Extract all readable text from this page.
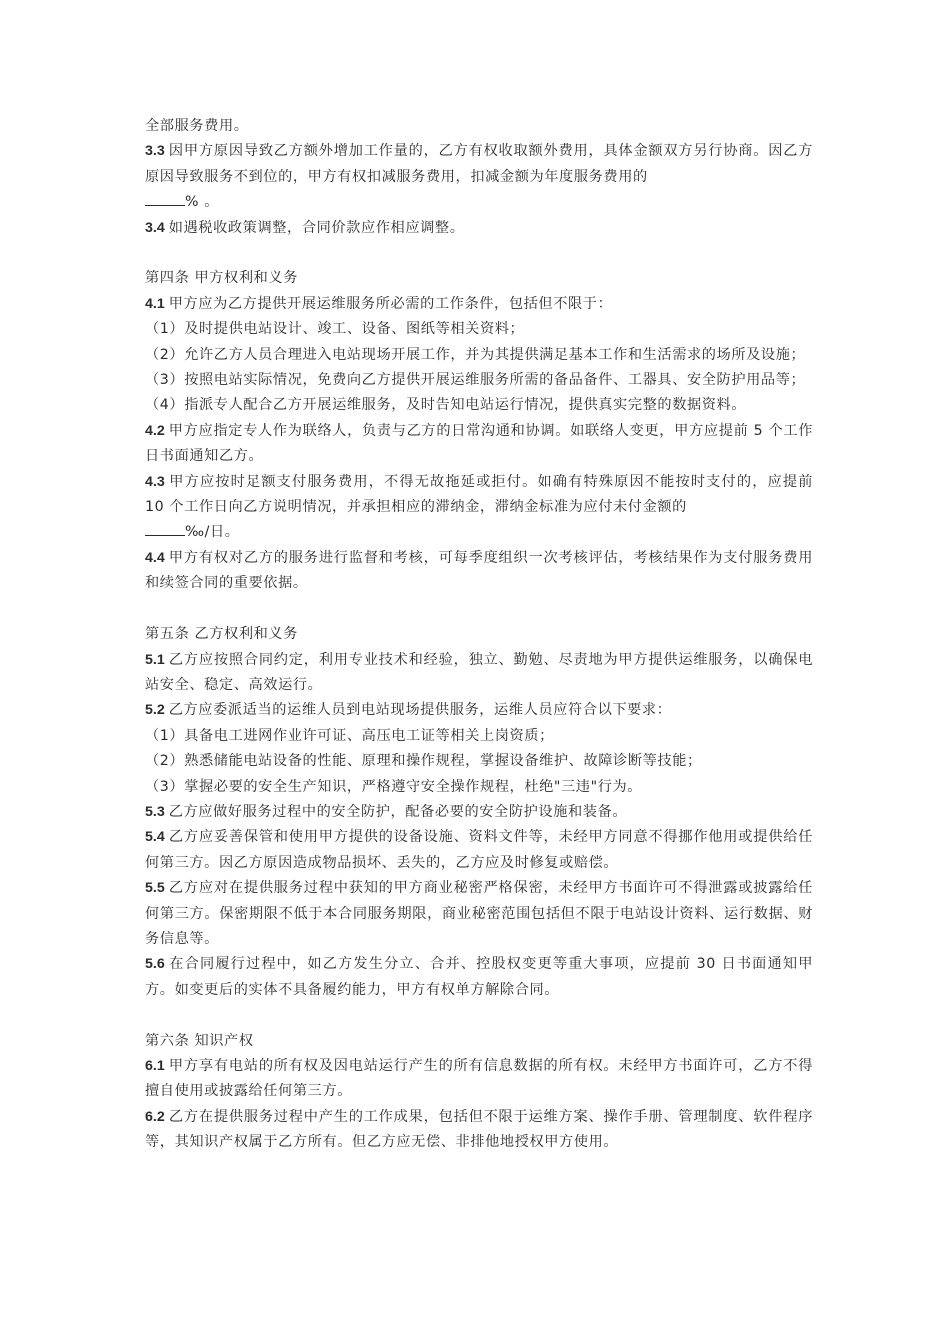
全部服务费用。

3.3 因甲方原因导致乙方额外增加工作量的，乙方有权收取额外费用，具体金额双方另行协商。因乙方原因导致服务不到位的，甲方有权扣减服务费用，扣减金额为年度服务费用的
% 。

3.4 如遇税收政策调整，合同价款应作相应调整。

第四条 甲方权利和义务

4.1 甲方应为乙方提供开展运维服务所必需的工作条件，包括但不限于：

（1）及时提供电站设计、竣工、设备、图纸等相关资料；

（2）允许乙方人员合理进入电站现场开展工作，并为其提供满足基本工作和生活需求的场所及设施；

（3）按照电站实际情况，免费向乙方提供开展运维服务所需的备品备件、工器具、安全防护用品等；

（4）指派专人配合乙方开展运维服务，及时告知电站运行情况，提供真实完整的数据资料。

4.2 甲方应指定专人作为联络人，负责与乙方的日常沟通和协调。如联络人变更，甲方应提前 5 个工作日书面通知乙方。

4.3 甲方应按时足额支付服务费用，不得无故拖延或拒付。如确有特殊原因不能按时支付的，应提前 10 个工作日向乙方说明情况，并承担相应的滞纳金，滞纳金标准为应付未付金额的
‰/日。

4.4 甲方有权对乙方的服务进行监督和考核，可每季度组织一次考核评估，考核结果作为支付服务费用和续签合同的重要依据。

第五条 乙方权利和义务

5.1 乙方应按照合同约定，利用专业技术和经验，独立、勤勉、尽责地为甲方提供运维服务，以确保电站安全、稳定、高效运行。

5.2 乙方应委派适当的运维人员到电站现场提供服务，运维人员应符合以下要求：

（1）具备电工进网作业许可证、高压电工证等相关上岗资质；

（2）熟悉储能电站设备的性能、原理和操作规程，掌握设备维护、故障诊断等技能；

（3）掌握必要的安全生产知识，严格遵守安全操作规程，杜绝"三违"行为。

5.3 乙方应做好服务过程中的安全防护，配备必要的安全防护设施和装备。

5.4 乙方应妥善保管和使用甲方提供的设备设施、资料文件等，未经甲方同意不得挪作他用或提供给任何第三方。因乙方原因造成物品损坏、丢失的，乙方应及时修复或赔偿。

5.5 乙方应对在提供服务过程中获知的甲方商业秘密严格保密，未经甲方书面许可不得泄露或披露给任何第三方。保密期限不低于本合同服务期限，商业秘密范围包括但不限于电站设计资料、运行数据、财务信息等。

5.6 在合同履行过程中，如乙方发生分立、合并、控股权变更等重大事项，应提前 30 日书面通知甲方。如变更后的实体不具备履约能力，甲方有权单方解除合同。

第六条 知识产权

6.1 甲方享有电站的所有权及因电站运行产生的所有信息数据的所有权。未经甲方书面许可，乙方不得擅自使用或披露给任何第三方。

6.2 乙方在提供服务过程中产生的工作成果，包括但不限于运维方案、操作手册、管理制度、软件程序等，其知识产权属于乙方所有。但乙方应无偿、非排他地授权甲方使用。
